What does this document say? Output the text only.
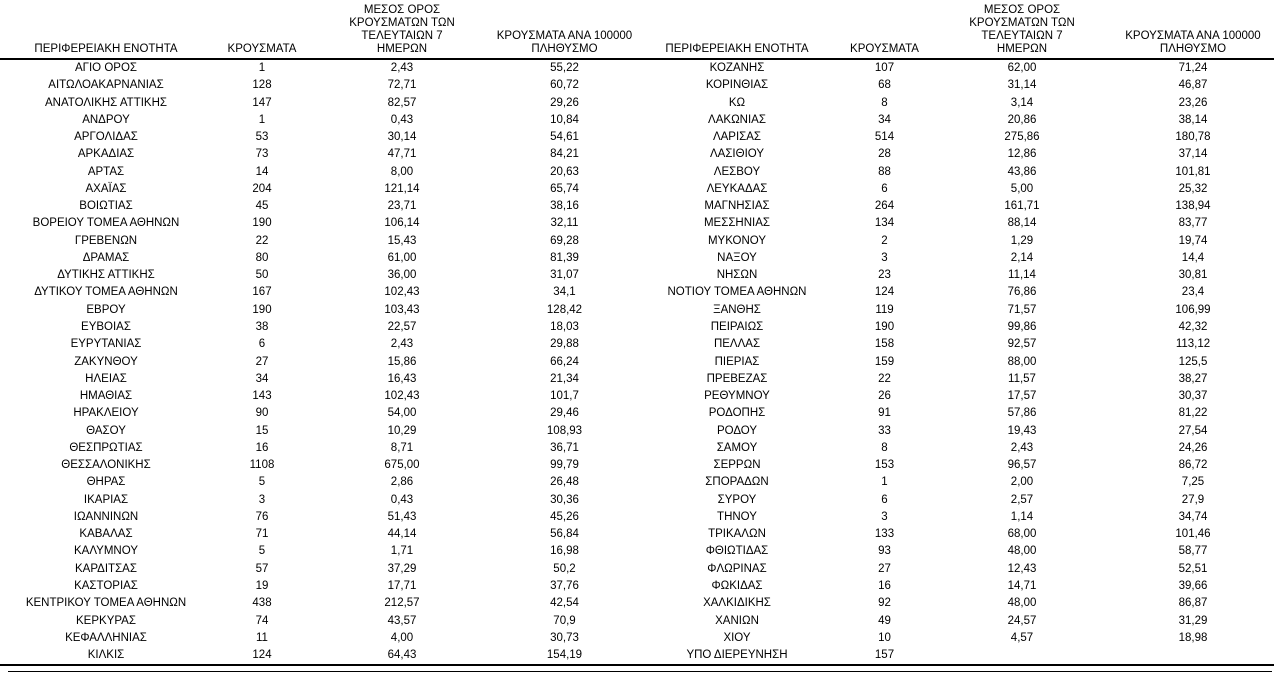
ΠΕΡΙΦΕΡΕΙΑΚΗ ΕΝΟΤΗΤΑ	ΚΡΟΥΣΜΑΤΑ	ΜΕΣΟΣ ΟΡΟΣ ΚΡΟΥΣΜΑΤΩΝ ΤΩΝ ΤΕΛΕΥΤΑΙΩΝ 7 ΗΜΕΡΩΝ	ΚΡΟΥΣΜΑΤΑ ΑΝΑ 100000 ΠΛΗΘΥΣΜΟ
ΑΓΙΟ ΟΡΟΣ	1	2,43	55,22
ΑΙΤΩΛΟΑΚΑΡΝΑΝΙΑΣ	128	72,71	60,72
ΑΝΑΤΟΛΙΚΗΣ ΑΤΤΙΚΗΣ	147	82,57	29,26
ΑΝΔΡΟΥ	1	0,43	10,84
ΑΡΓΟΛΙΔΑΣ	53	30,14	54,61
ΑΡΚΑΔΙΑΣ	73	47,71	84,21
ΑΡΤΑΣ	14	8,00	20,63
ΑΧΑΪΑΣ	204	121,14	65,74
ΒΟΙΩΤΙΑΣ	45	23,71	38,16
ΒΟΡΕΙΟΥ ΤΟΜΕΑ ΑΘΗΝΩΝ	190	106,14	32,11
ΓΡΕΒΕΝΩΝ	22	15,43	69,28
ΔΡΑΜΑΣ	80	61,00	81,39
ΔΥΤΙΚΗΣ ΑΤΤΙΚΗΣ	50	36,00	31,07
ΔΥΤΙΚΟΥ ΤΟΜΕΑ ΑΘΗΝΩΝ	167	102,43	34,1
ΕΒΡΟΥ	190	103,43	128,42
ΕΥΒΟΙΑΣ	38	22,57	18,03
ΕΥΡΥΤΑΝΙΑΣ	6	2,43	29,88
ΖΑΚΥΝΘΟΥ	27	15,86	66,24
ΗΛΕΙΑΣ	34	16,43	21,34
ΗΜΑΘΙΑΣ	143	102,43	101,7
ΗΡΑΚΛΕΙΟΥ	90	54,00	29,46
ΘΑΣΟΥ	15	10,29	108,93
ΘΕΣΠΡΩΤΙΑΣ	16	8,71	36,71
ΘΕΣΣΑΛΟΝΙΚΗΣ	1108	675,00	99,79
ΘΗΡΑΣ	5	2,86	26,48
ΙΚΑΡΙΑΣ	3	0,43	30,36
ΙΩΑΝΝΙΝΩΝ	76	51,43	45,26
ΚΑΒΑΛΑΣ	71	44,14	56,84
ΚΑΛΥΜΝΟΥ	5	1,71	16,98
ΚΑΡΔΙΤΣΑΣ	57	37,29	50,2
ΚΑΣΤΟΡΙΑΣ	19	17,71	37,76
ΚΕΝΤΡΙΚΟΥ ΤΟΜΕΑ ΑΘΗΝΩΝ	438	212,57	42,54
ΚΕΡΚΥΡΑΣ	74	43,57	70,9
ΚΕΦΑΛΛΗΝΙΑΣ	11	4,00	30,73
ΚΙΛΚΙΣ	124	64,43	154,19
ΠΕΡΙΦΕΡΕΙΑΚΗ ΕΝΟΤΗΤΑ	ΚΡΟΥΣΜΑΤΑ	ΜΕΣΟΣ ΟΡΟΣ ΚΡΟΥΣΜΑΤΩΝ ΤΩΝ ΤΕΛΕΥΤΑΙΩΝ 7 ΗΜΕΡΩΝ	ΚΡΟΥΣΜΑΤΑ ΑΝΑ 100000 ΠΛΗΘΥΣΜΟ
ΚΟΖΑΝΗΣ	107	62,00	71,24
ΚΟΡΙΝΘΙΑΣ	68	31,14	46,87
ΚΩ	8	3,14	23,26
ΛΑΚΩΝΙΑΣ	34	20,86	38,14
ΛΑΡΙΣΑΣ	514	275,86	180,78
ΛΑΣΙΘΙΟΥ	28	12,86	37,14
ΛΕΣΒΟΥ	88	43,86	101,81
ΛΕΥΚΑΔΑΣ	6	5,00	25,32
ΜΑΓΝΗΣΙΑΣ	264	161,71	138,94
ΜΕΣΣΗΝΙΑΣ	134	88,14	83,77
ΜΥΚΟΝΟΥ	2	1,29	19,74
ΝΑΞΟΥ	3	2,14	14,4
ΝΗΣΩΝ	23	11,14	30,81
ΝΟΤΙΟΥ ΤΟΜΕΑ ΑΘΗΝΩΝ	124	76,86	23,4
ΞΑΝΘΗΣ	119	71,57	106,99
ΠΕΙΡΑΙΩΣ	190	99,86	42,32
ΠΕΛΛΑΣ	158	92,57	113,12
ΠΙΕΡΙΑΣ	159	88,00	125,5
ΠΡΕΒΕΖΑΣ	22	11,57	38,27
ΡΕΘΥΜΝΟΥ	26	17,57	30,37
ΡΟΔΟΠΗΣ	91	57,86	81,22
ΡΟΔΟΥ	33	19,43	27,54
ΣΑΜΟΥ	8	2,43	24,26
ΣΕΡΡΩΝ	153	96,57	86,72
ΣΠΟΡΑΔΩΝ	1	2,00	7,25
ΣΥΡΟΥ	6	2,57	27,9
ΤΗΝΟΥ	3	1,14	34,74
ΤΡΙΚΑΛΩΝ	133	68,00	101,46
ΦΘΙΩΤΙΔΑΣ	93	48,00	58,77
ΦΛΩΡΙΝΑΣ	27	12,43	52,51
ΦΩΚΙΔΑΣ	16	14,71	39,66
ΧΑΛΚΙΔΙΚΗΣ	92	48,00	86,87
ΧΑΝΙΩΝ	49	24,57	31,29
ΧΙΟΥ	10	4,57	18,98
ΥΠΟ ΔΙΕΡΕΥΝΗΣΗ	157		
